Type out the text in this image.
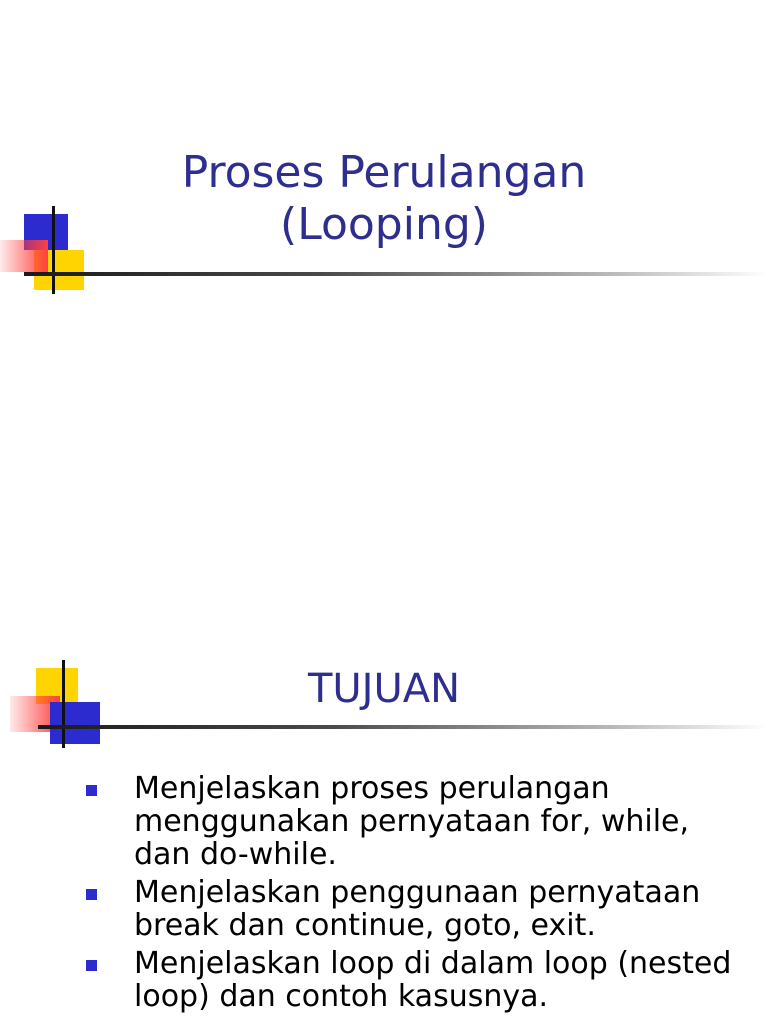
Proses Perulangan
(Looping)
TUJUAN
Menjelaskan proses perulangan menggunakan pernyataan for, while, dan do-while.
Menjelaskan penggunaan pernyataan break dan continue, goto, exit.
Menjelaskan loop di dalam loop (nested loop) dan contoh kasusnya.
